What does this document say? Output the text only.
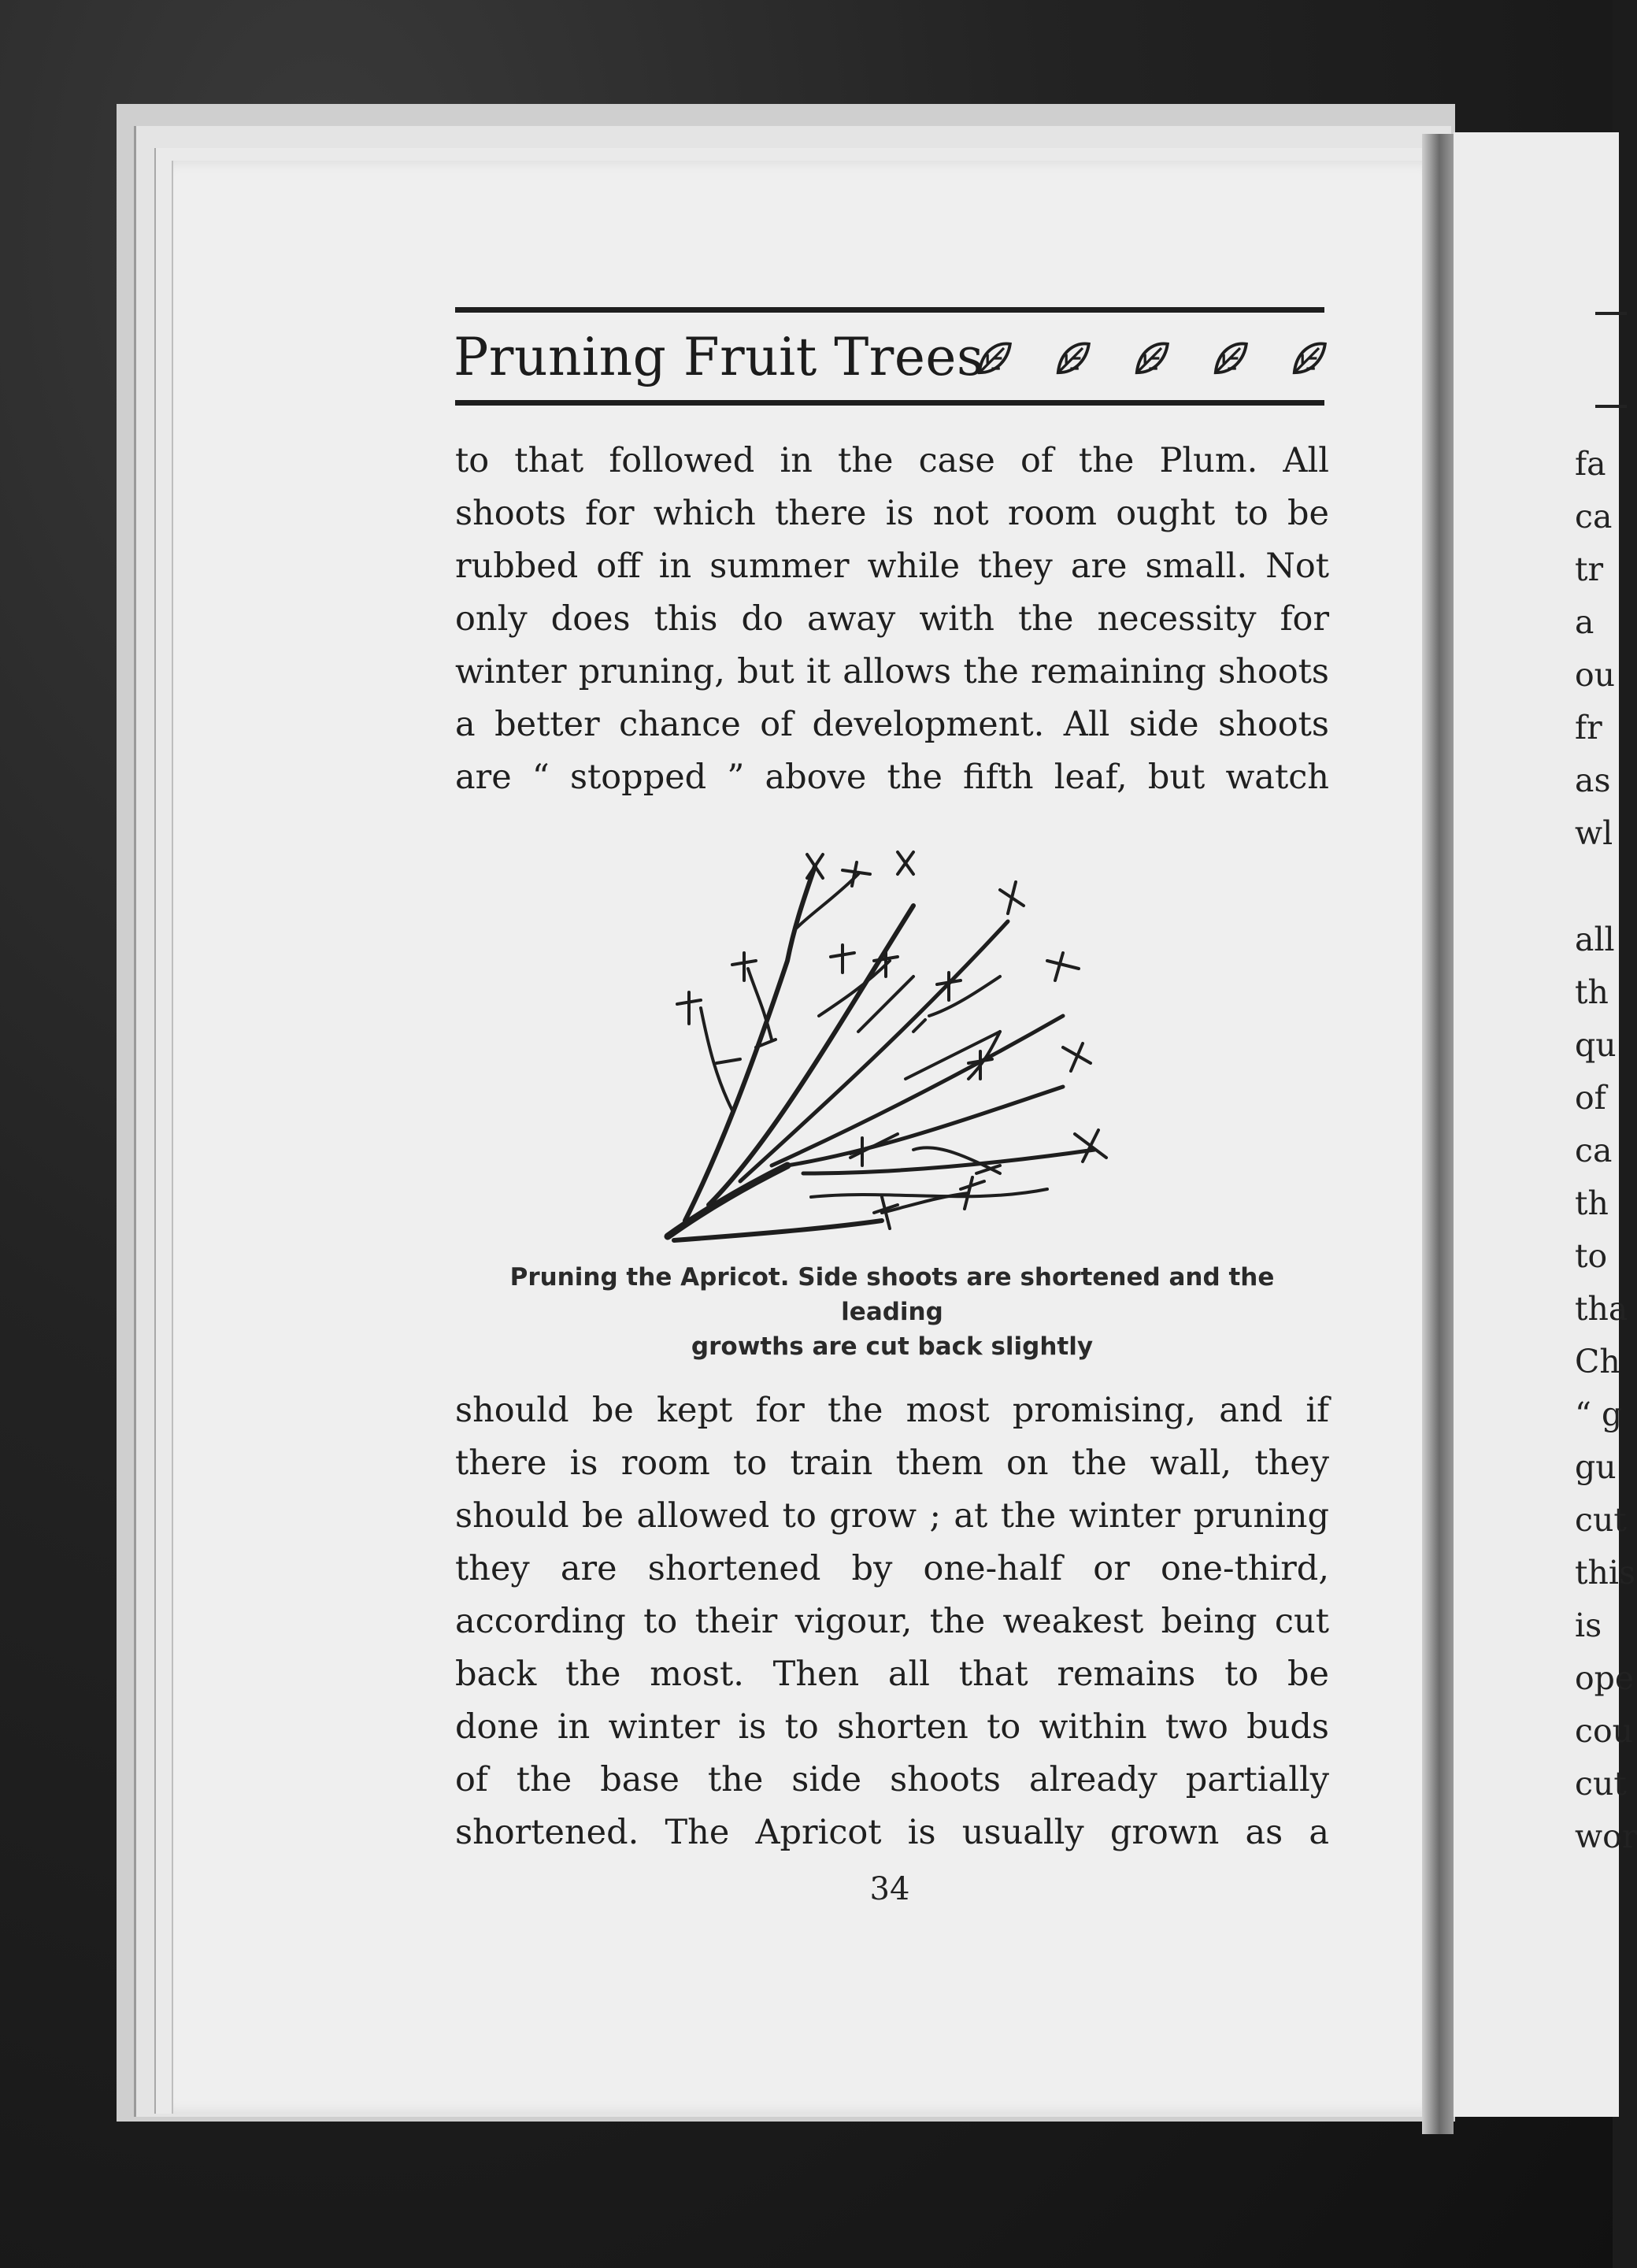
fa
ca
tr
a
ou
fr
as
wl
all
th
qu
of
ca
th
to
tha
Ch
“ g
gu
cut
this
is
ope
cou
cut
wor
Pruning Fruit Trees
to that followed in the case of the Plum. All
shoots for which there is not room ought to be
rubbed off in summer while they are small. Not
only does this do away with the necessity for
winter pruning, but it allows the remaining shoots
a better chance of development. All side shoots
are “ stopped ” above the fifth leaf, but watch
Pruning the Apricot. Side shoots are shortened and the leading
growths are cut back slightly
should be kept for the most promising, and if
there is room to train them on the wall, they
should be allowed to grow ; at the winter pruning
they are shortened by one-half or one-third,
according to their vigour, the weakest being cut
back the most. Then all that remains to be
done in winter is to shorten to within two buds
of the base the side shoots already partially
shortened. The Apricot is usually grown as a
34
